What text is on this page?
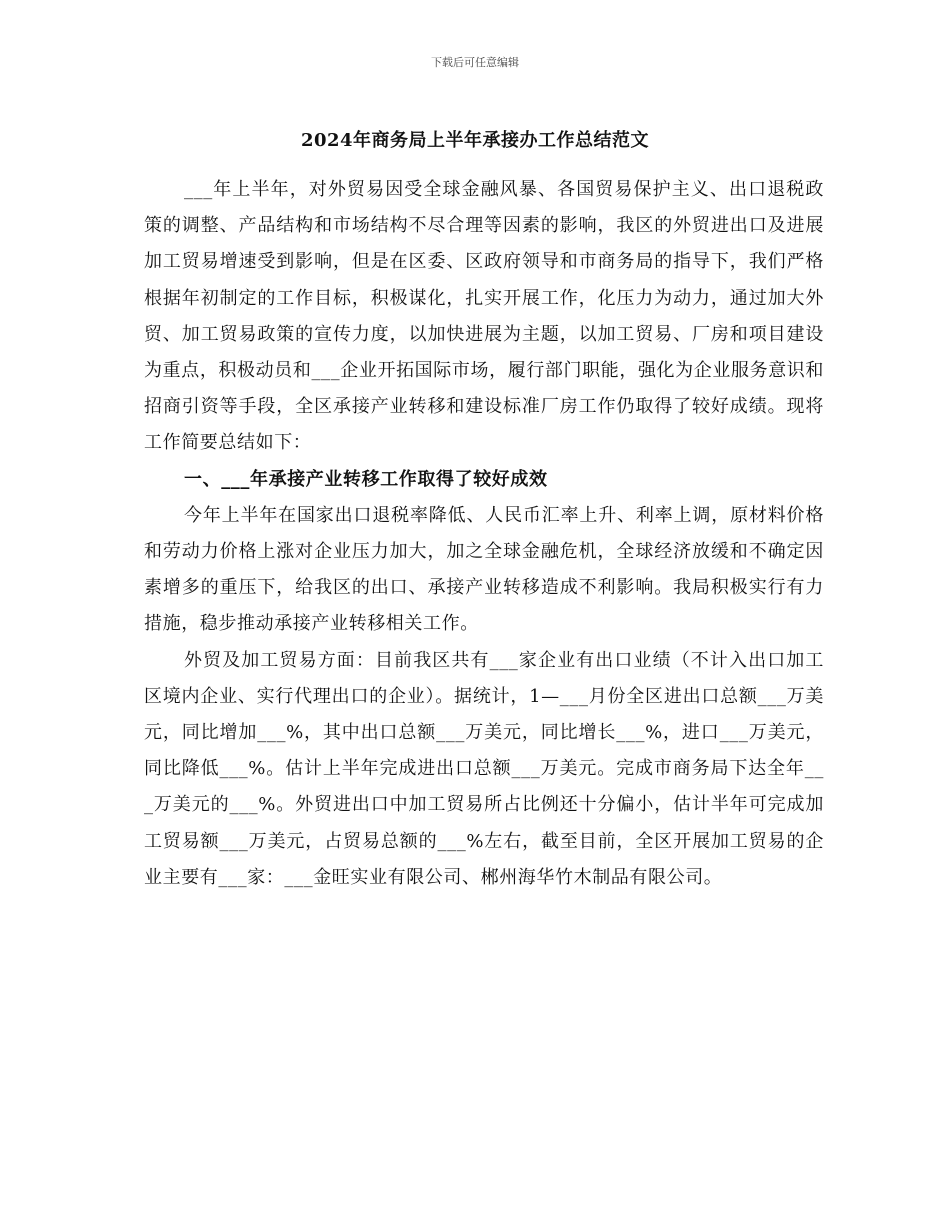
下载后可任意编辑
2024年商务局上半年承接办工作总结范文

___年上半年，对外贸易因受全球金融风暴、各国贸易保护主义、出口退税政策的调整、产品结构和市场结构不尽合理等因素的影响，我区的外贸进出口及进展加工贸易增速受到影响，但是在区委、区政府领导和市商务局的指导下，我们严格根据年初制定的工作目标，积极谋化，扎实开展工作，化压力为动力，通过加大外贸、加工贸易政策的宣传力度，以加快进展为主题，以加工贸易、厂房和项目建设为重点，积极动员和___企业开拓国际市场，履行部门职能，强化为企业服务意识和招商引资等手段，全区承接产业转移和建设标准厂房工作仍取得了较好成绩。现将工作简要总结如下：

一、___年承接产业转移工作取得了较好成效

今年上半年在国家出口退税率降低、人民币汇率上升、利率上调，原材料价格和劳动力价格上涨对企业压力加大，加之全球金融危机，全球经济放缓和不确定因素增多的重压下，给我区的出口、承接产业转移造成不利影响。我局积极实行有力措施，稳步推动承接产业转移相关工作。

外贸及加工贸易方面：目前我区共有___家企业有出口业绩（不计入出口加工区境内企业、实行代理出口的企业）。据统计，1—___月份全区进出口总额___万美元，同比增加___%，其中出口总额___万美元，同比增长___%，进口___万美元，同比降低___%。估计上半年完成进出口总额___万美元。完成市商务局下达全年___万美元的___%。外贸进出口中加工贸易所占比例还十分偏小，估计半年可完成加工贸易额___万美元，占贸易总额的___%左右，截至目前，全区开展加工贸易的企业主要有___家：___金旺实业有限公司、郴州海华竹木制品有限公司。
